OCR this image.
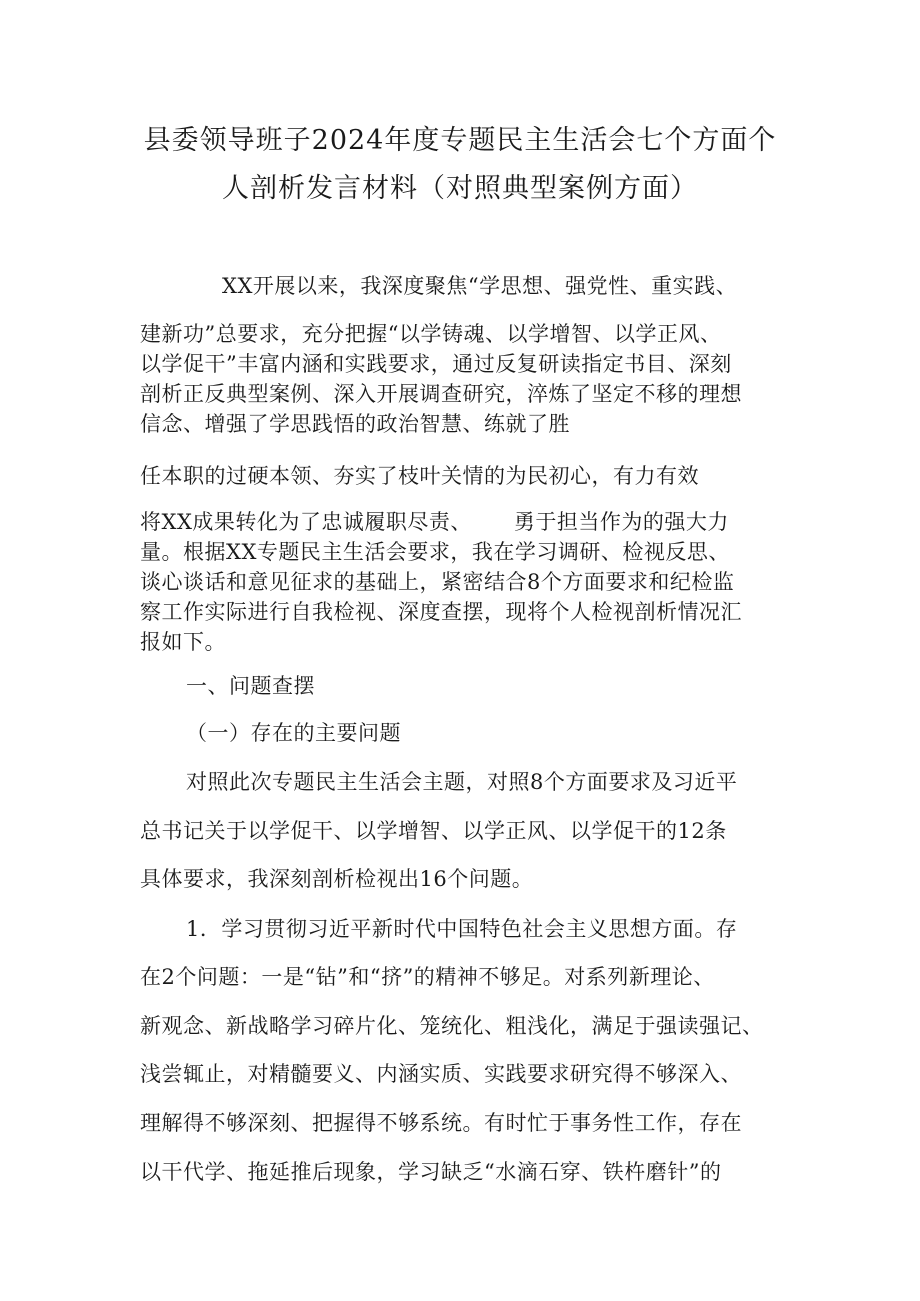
县委领导班子2024年度专题民主生活会七个方面个
人剖析发言材料（对照典型案例方面）
XX开展以来，我深度聚焦“学思想、强党性、重实践、
建新功”总要求，充分把握“以学铸魂、以学增智、以学正风、
以学促干”丰富内涵和实践要求，通过反复研读指定书目、深刻
剖析正反典型案例、深入开展调查研究，淬炼了坚定不移的理想
信念、增强了学思践悟的政治智慧、练就了胜
任本职的过硬本领、夯实了枝叶关情的为民初心，有力有效
将XX成果转化为了忠诚履职尽责、 勇于担当作为的强大力
量。根据XX专题民主生活会要求，我在学习调研、检视反思、
谈心谈话和意见征求的基础上，紧密结合8个方面要求和纪检监
察工作实际进行自我检视、深度查摆，现将个人检视剖析情况汇
报如下。
一、问题查摆
（一）存在的主要问题
对照此次专题民主生活会主题，对照8个方面要求及习近平
总书记关于以学促干、以学增智、以学正风、以学促干的12条
具体要求，我深刻剖析检视出16个问题。
1．学习贯彻习近平新时代中国特色社会主义思想方面。存
在2个问题：一是“钻”和“挤”的精神不够足。对系列新理论、
新观念、新战略学习碎片化、笼统化、粗浅化，满足于强读强记、
浅尝辄止，对精髓要义、内涵实质、实践要求研究得不够深入、
理解得不够深刻、把握得不够系统。有时忙于事务性工作，存在
以干代学、拖延推后现象，学习缺乏“水滴石穿、铁杵磨针”的
